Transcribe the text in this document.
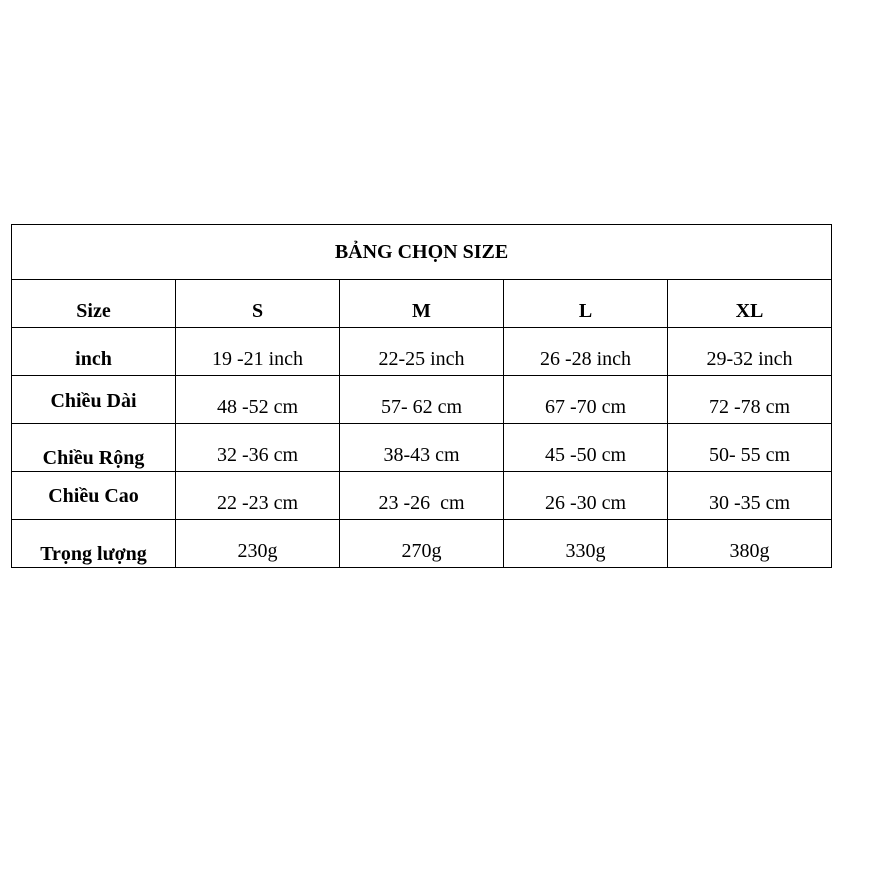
BẢNG CHỌN SIZE				
Size	S	M	L	XL
inch	19 -21 inch	22-25 inch	26 -28 inch	29-32 inch
Chiều Dài	48 -52 cm	57- 62 cm	67 -70 cm	72 -78 cm
Chiều Rộng	32 -36 cm	38-43 cm	45 -50 cm	50- 55 cm
Chiều Cao	22 -23 cm	23 -26  cm	26 -30 cm	30 -35 cm
Trọng lượng	230g	270g	330g	380g
